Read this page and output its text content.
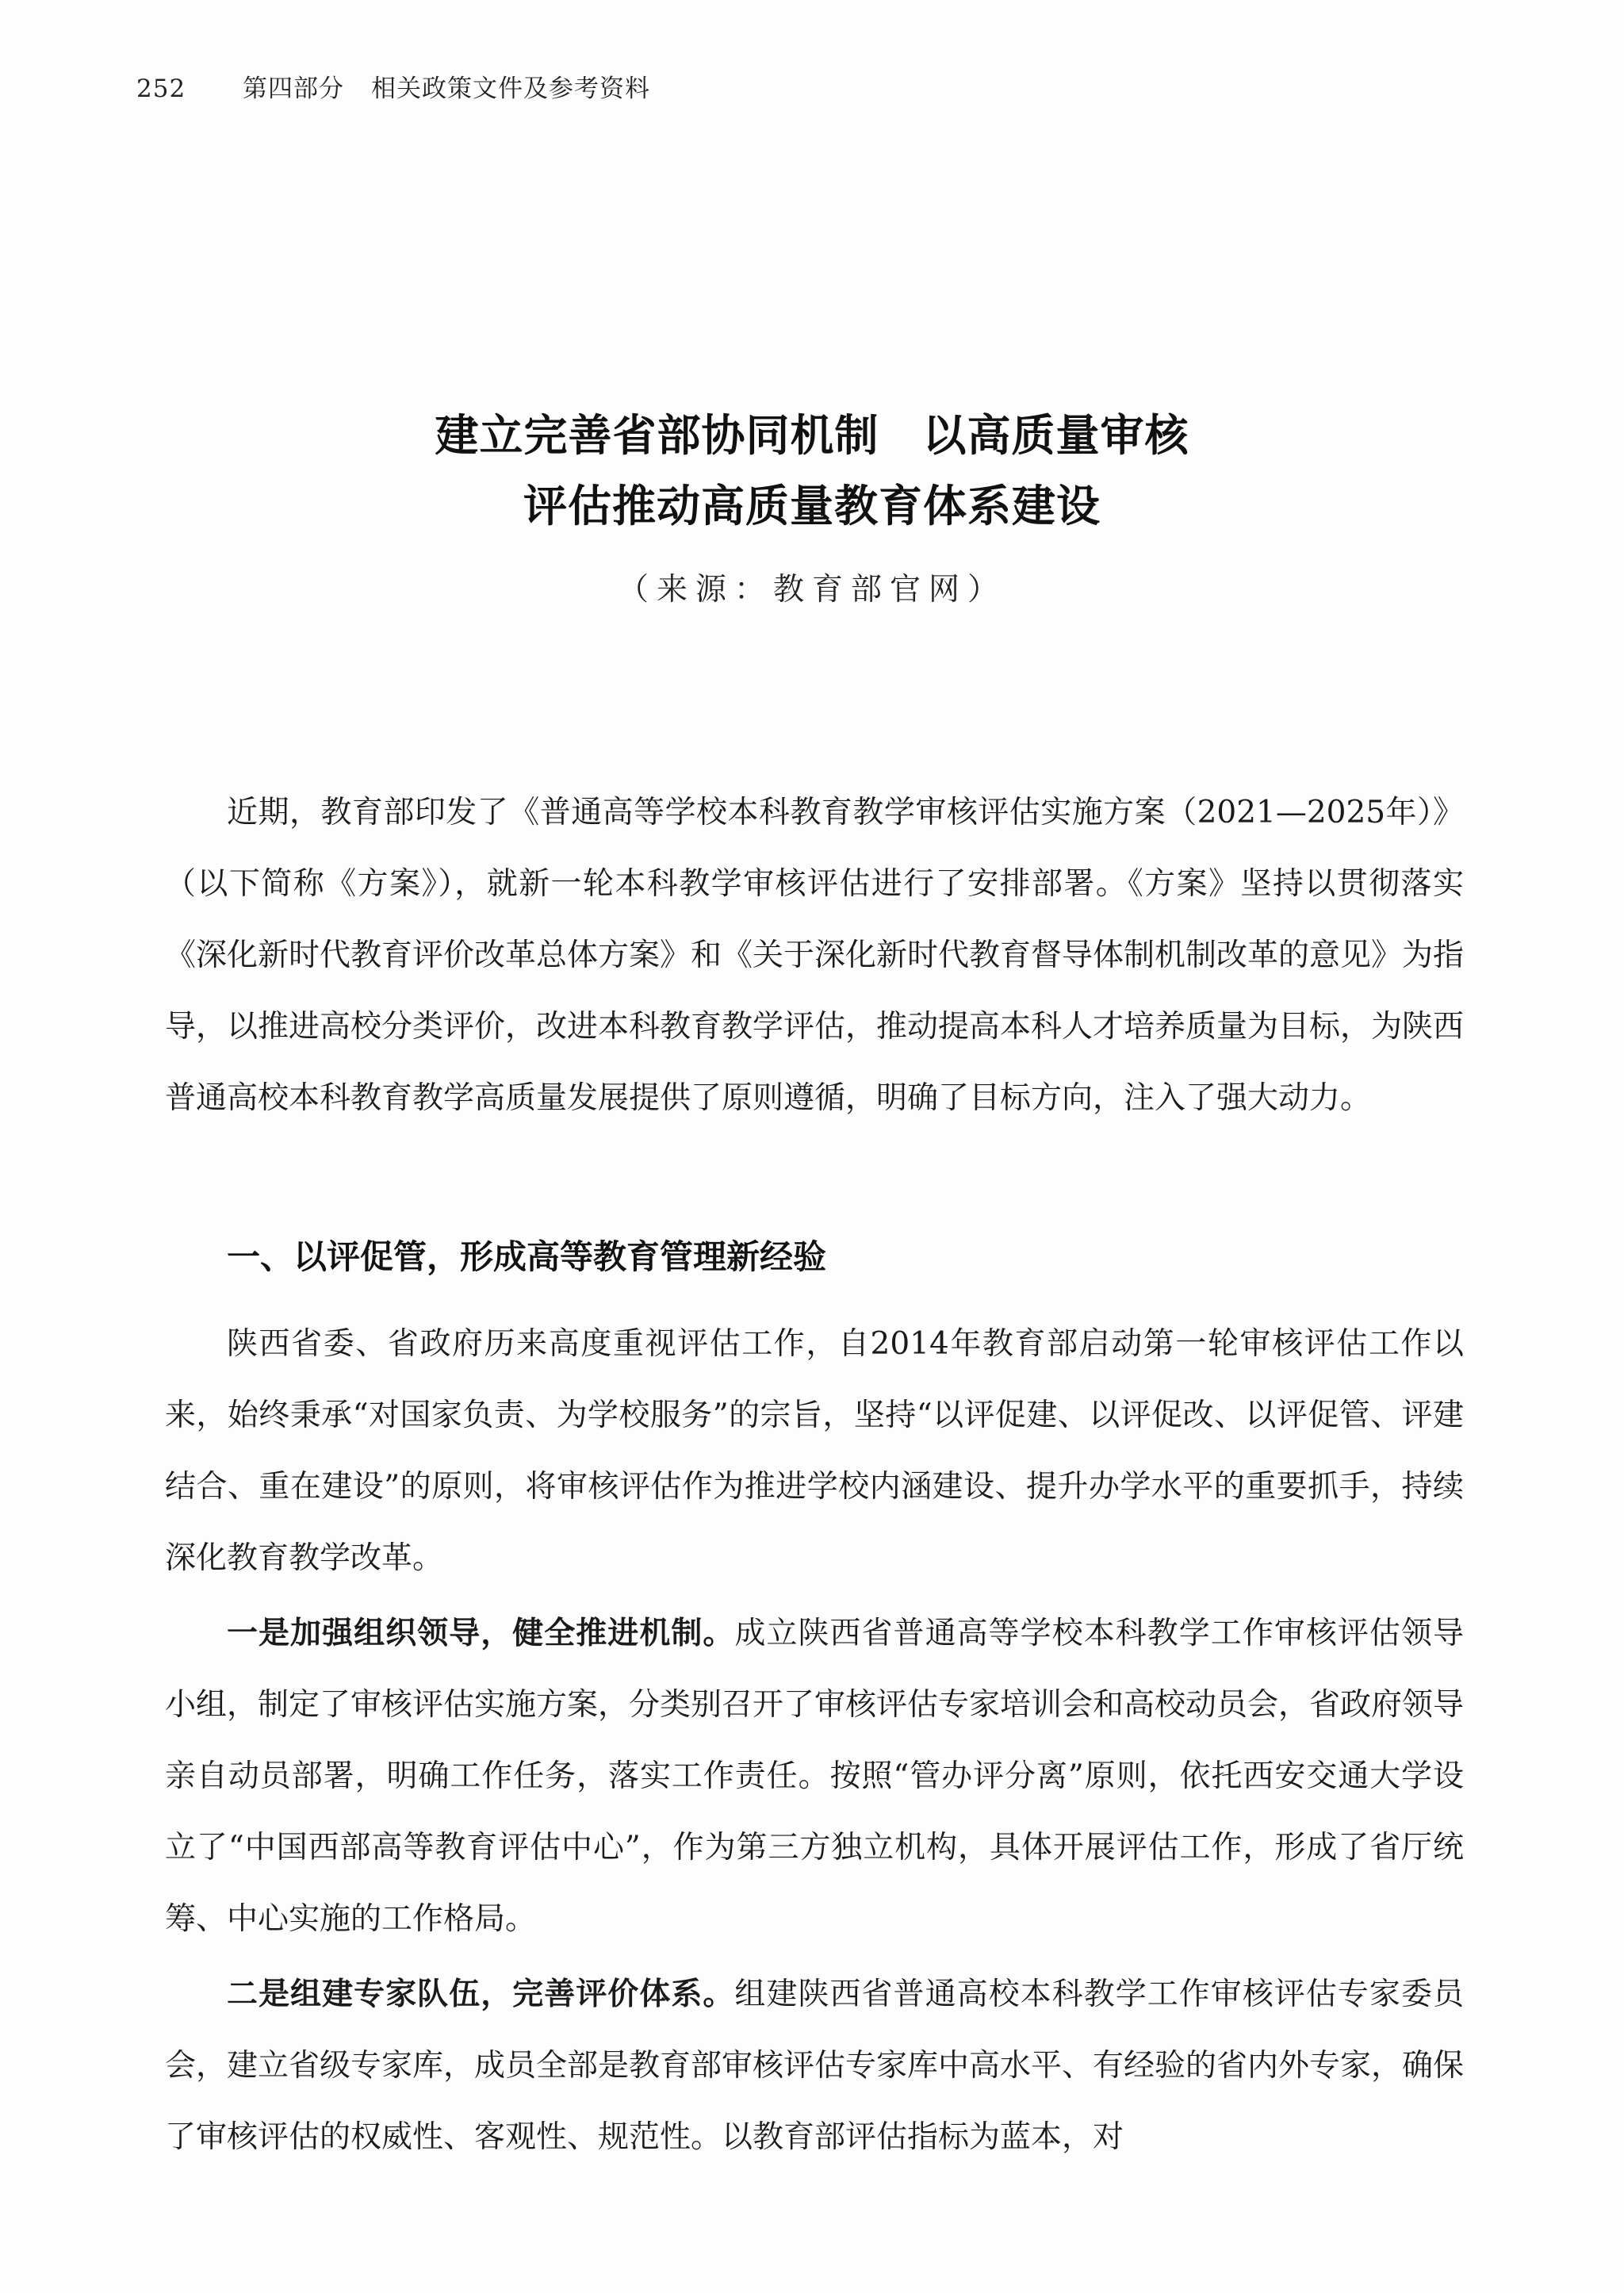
252 第四部分 相关政策文件及参考资料
建立完善省部协同机制 以高质量审核
评估推动高质量教育体系建设
（来源：教育部官网）

近期，教育部印发了《普通高等学校本科教育教学审核评估实施方案（2021—2025年）》（以下简称《方案》），就新一轮本科教学审核评估进行了安排部署。《方案》坚持以贯彻落实《深化新时代教育评价改革总体方案》和《关于深化新时代教育督导体制机制改革的意见》为指导，以推进高校分类评价，改进本科教育教学评估，推动提高本科人才培养质量为目标，为陕西普通高校本科教育教学高质量发展提供了原则遵循，明确了目标方向，注入了强大动力。

一、以评促管，形成高等教育管理新经验

陕西省委、省政府历来高度重视评估工作，自2014年教育部启动第一轮审核评估工作以来，始终秉承“对国家负责、为学校服务”的宗旨，坚持“以评促建、以评促改、以评促管、评建结合、重在建设”的原则，将审核评估作为推进学校内涵建设、提升办学水平的重要抓手，持续深化教育教学改革。

一是加强组织领导，健全推进机制。成立陕西省普通高等学校本科教学工作审核评估领导小组，制定了审核评估实施方案，分类别召开了审核评估专家培训会和高校动员会，省政府领导亲自动员部署，明确工作任务，落实工作责任。按照“管办评分离”原则，依托西安交通大学设立了“中国西部高等教育评估中心”，作为第三方独立机构，具体开展评估工作，形成了省厅统筹、中心实施的工作格局。

二是组建专家队伍，完善评价体系。组建陕西省普通高校本科教学工作审核评估专家委员会，建立省级专家库，成员全部是教育部审核评估专家库中高水平、有经验的省内外专家，确保了审核评估的权威性、客观性、规范性。以教育部评估指标为蓝本，对
